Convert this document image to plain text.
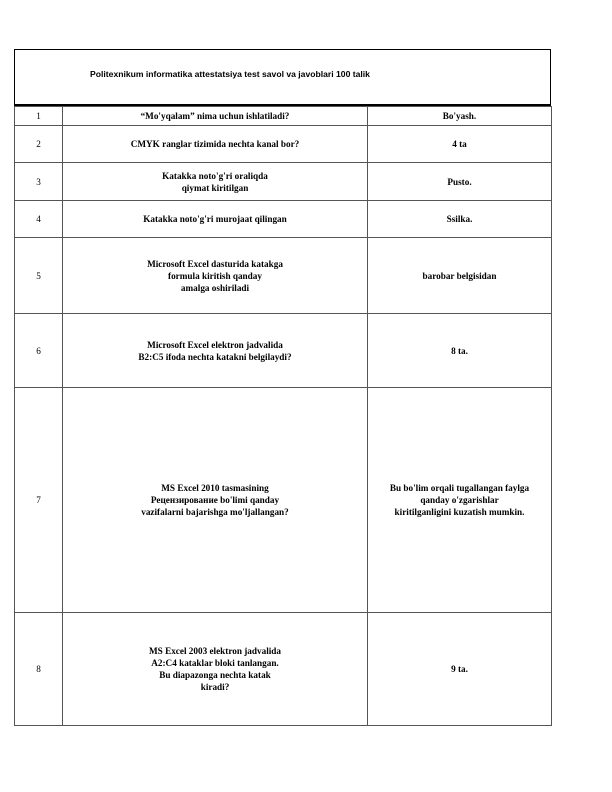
Politexnikum informatika attestatsiya test savol va javoblari 100 talik
1	“Mo'yqalam” nima uchun ishlatiladi?	Bo'yash.
2	CMYK ranglar tizimida nechta kanal bor?	4 ta
3	Katakka noto'g'ri oraliqda
qiymat kiritilgan	Pusto.
4	Katakka noto'g'ri murojaat qilingan	Ssilka.
5	Microsoft Excel dasturida katakga
formula kiritish qanday
amalga oshiriladi	barobar belgisidan
6	Microsoft Excel elektron jadvalida
B2:C5 ifoda nechta katakni belgilaydi?	8 ta.
7	MS Excel 2010 tasmasining
Рецензирование bo'limi qanday
vazifalarni bajarishga mo'ljallangan?	Bu bo'lim orqali tugallangan faylga
qanday o'zgarishlar
kiritilganligini kuzatish mumkin.
8	MS Excel 2003 elektron jadvalida
A2:C4 kataklar bloki tanlangan.
Bu diapazonga nechta katak
kiradi?	9 ta.
